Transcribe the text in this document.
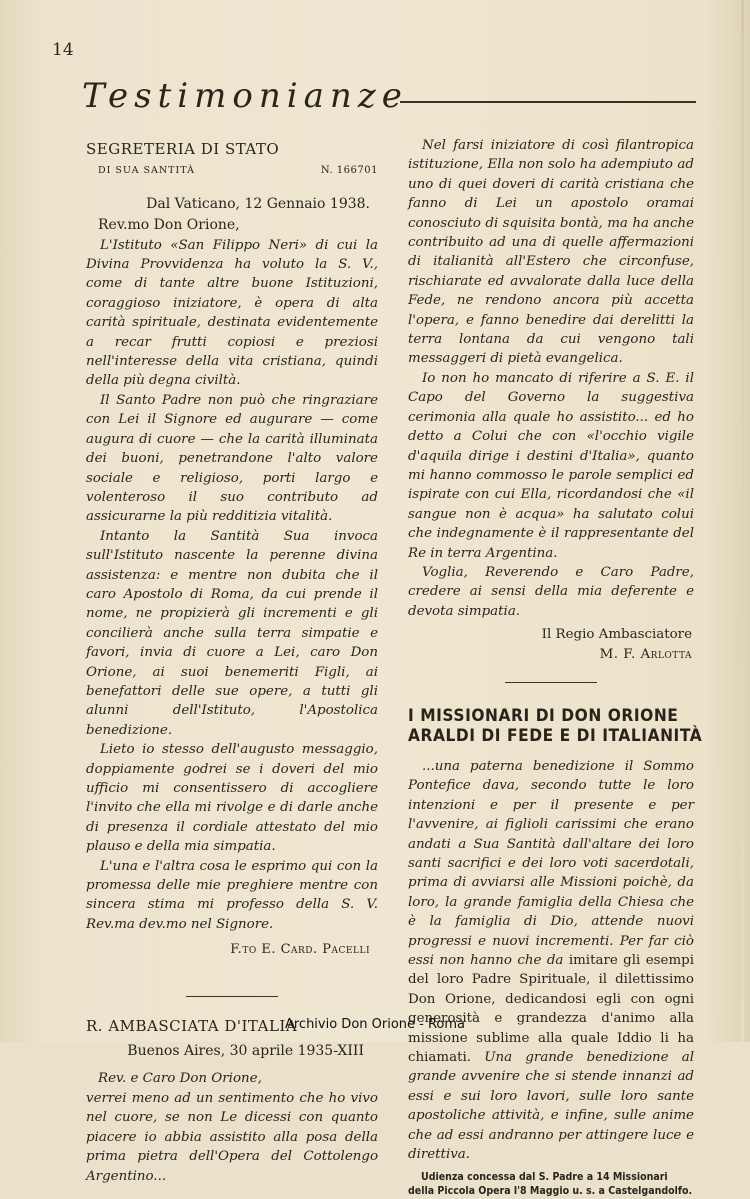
14
Testimonianze
SEGRETERIA DI STATO
DI SUA SANTITÀ	N. 166701
Dal Vaticano, 12 Gennaio 1938.
Rev.mo Don Orione,

L'Istituto «San Filippo Neri» di cui la Divina Provvidenza ha voluto la S. V., come di tante altre buone Istituzioni, coraggioso iniziatore, è opera di alta carità spirituale, destinata evidentemente a recar frutti copiosi e preziosi nell'interesse della vita cristiana, quindi della più degna civiltà.

Il Santo Padre non può che ringraziare con Lei il Signore ed augurare — come augura di cuore — che la carità illuminata dei buoni, penetrandone l'alto valore sociale e religioso, porti largo e volenteroso il suo contributo ad assicurarne la più redditizia vitalità.

Intanto la Santità Sua invoca sull'Istituto nascente la perenne divina assistenza: e mentre non dubita che il caro Apostolo di Roma, da cui prende il nome, ne propizierà gli incrementi e gli concilierà anche sulla terra simpatie e favori, invia di cuore a Lei, caro Don Orione, ai suoi benemeriti Figli, ai benefattori delle sue opere, a tutti gli alunni dell'Istituto, l'Apostolica benedizione.

Lieto io stesso dell'augusto messaggio, doppiamente godrei se i doveri del mio ufficio mi consentissero di accogliere l'invito che ella mi rivolge e di darle anche di presenza il cordiale attestato del mio plauso e della mia simpatia.

L'una e l'altra cosa le esprimo qui con la promessa delle mie preghiere mentre con sincera stima mi professo della S. V. Rev.ma dev.mo nel Signore.

F.to E. Card. Pacelli
R. AMBASCIATA D'ITALIA
Buenos Aires, 30 aprile 1935-XIII
Rev. e Caro Don Orione,

verrei meno ad un sentimento che ho vivo nel cuore, se non Le dicessi con quanto piacere io abbia assistito alla posa della prima pietra dell'Opera del Cottolengo Argentino...

Nel farsi iniziatore di così filantropica istituzione, Ella non solo ha adempiuto ad uno di quei doveri di carità cristiana che fanno di Lei un apostolo oramai conosciuto di squisita bontà, ma ha anche contribuito ad una di quelle affermazioni di italianità all'Estero che circonfuse, rischiarate ed avvalorate dalla luce della Fede, ne rendono ancora più accetta l'opera, e fanno benedire dai derelitti la terra lontana da cui vengono tali messaggeri di pietà evangelica.

Io non ho mancato di riferire a S. E. il Capo del Governo la suggestiva cerimonia alla quale ho assistito... ed ho detto a Colui che con «l'occhio vigile d'aquila dirige i destini d'Italia», quanto mi hanno commosso le parole semplici ed ispirate con cui Ella, ricordandosi che «il sangue non è acqua» ha salutato colui che indegnamente è il rappresentante del Re in terra Argentina.

Voglia, Reverendo e Caro Padre, credere ai sensi della mia deferente e devota simpatia.

Il Regio Ambasciatore
M. F. Arlotta
I MISSIONARI DI DON ORIONE
ARALDI DI FEDE E DI ITALIANITÀ

...una paterna benedizione il Sommo Pontefice dava, secondo tutte le loro intenzioni e per il presente e per l'avvenire, ai figlioli carissimi che erano andati a Sua Santità dall'altare dei loro santi sacrifici e dei loro voti sacerdotali, prima di avviarsi alle Missioni poichè, da loro, la grande famiglia della Chiesa che è la famiglia di Dio, attende nuovi progressi e nuovi incrementi. Per far ciò essi non hanno che da imitare gli esempi del loro Padre Spirituale, il dilettissimo Don Orione, dedicandosi egli con ogni generosità e grandezza d'animo alla missione sublime alla quale Iddio li ha chiamati. Una grande benedizione al grande avvenire che si stende innanzi ad essi e sui loro lavori, sulle loro sante apostoliche attività, e infine, sulle anime che ad essi andranno per attingere luce e direttiva.

Udienza concessa dal S. Padre a 14 Missionari
della Piccola Opera l'8 Maggio u. s. a Castelgandolfo.
Archivio Don Orione - Roma
